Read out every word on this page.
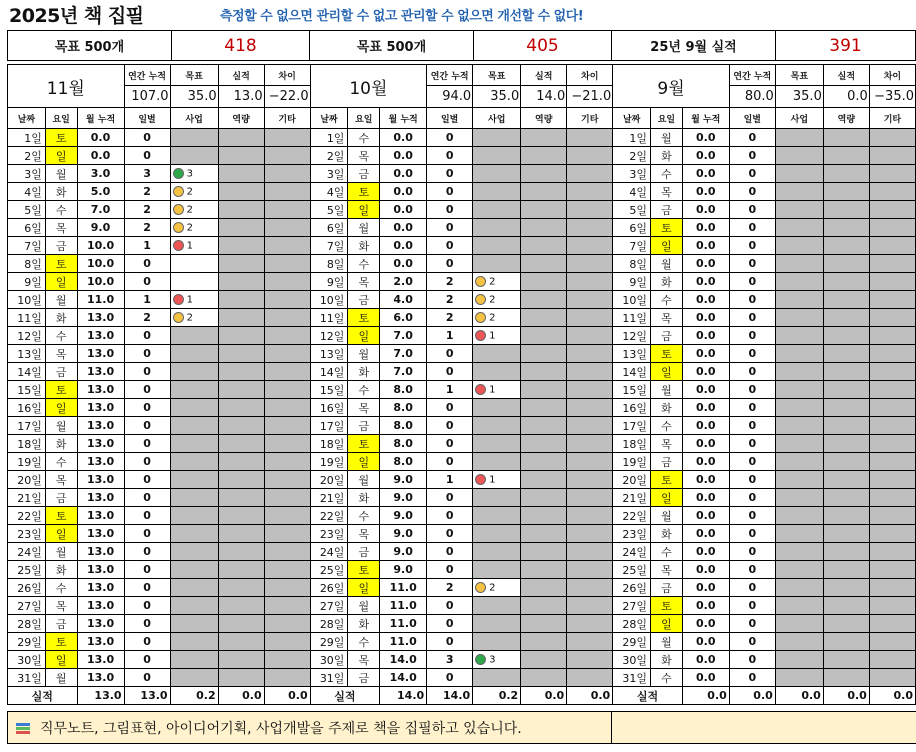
2025년 책 집필	측정할 수 없으면 관리할 수 없고 관리할 수 없으면 개선할 수 없다!
목표 500개	418	목표 500개	405	25년 9월 실적	391
11월			연간 누적	목표	실적	차이	10월			연간 누적	목표	실적	차이	9월			연간 누적	목표	실적	차이
			107.0	35.0	13.0	−22.0				94.0	35.0	14.0	−21.0				80.0	35.0	0.0	−35.0
날짜	요일	월 누적	일별	사업	역량	기타	날짜	요일	월 누적	일별	사업	역량	기타	날짜	요일	월 누적	일별	사업	역량	기타
1일	토	0.0	0				1일	수	0.0	0				1일	월	0.0	0			
2일	일	0.0	0				2일	목	0.0	0				2일	화	0.0	0			
3일	월	3.0	3	3			3일	금	0.0	0				3일	수	0.0	0			
4일	화	5.0	2	2			4일	토	0.0	0				4일	목	0.0	0			
5일	수	7.0	2	2			5일	일	0.0	0				5일	금	0.0	0			
6일	목	9.0	2	2			6일	월	0.0	0				6일	토	0.0	0			
7일	금	10.0	1	1			7일	화	0.0	0				7일	일	0.0	0			
8일	토	10.0	0				8일	수	0.0	0				8일	월	0.0	0			
9일	일	10.0	0				9일	목	2.0	2	2			9일	화	0.0	0			
10일	월	11.0	1	1			10일	금	4.0	2	2			10일	수	0.0	0			
11일	화	13.0	2	2			11일	토	6.0	2	2			11일	목	0.0	0			
12일	수	13.0	0				12일	일	7.0	1	1			12일	금	0.0	0			
13일	목	13.0	0				13일	월	7.0	0				13일	토	0.0	0			
14일	금	13.0	0				14일	화	7.0	0				14일	일	0.0	0			
15일	토	13.0	0				15일	수	8.0	1	1			15일	월	0.0	0			
16일	일	13.0	0				16일	목	8.0	0				16일	화	0.0	0			
17일	월	13.0	0				17일	금	8.0	0				17일	수	0.0	0			
18일	화	13.0	0				18일	토	8.0	0				18일	목	0.0	0			
19일	수	13.0	0				19일	일	8.0	0				19일	금	0.0	0			
20일	목	13.0	0				20일	월	9.0	1	1			20일	토	0.0	0			
21일	금	13.0	0				21일	화	9.0	0				21일	일	0.0	0			
22일	토	13.0	0				22일	수	9.0	0				22일	월	0.0	0			
23일	일	13.0	0				23일	목	9.0	0				23일	화	0.0	0			
24일	월	13.0	0				24일	금	9.0	0				24일	수	0.0	0			
25일	화	13.0	0				25일	토	9.0	0				25일	목	0.0	0			
26일	수	13.0	0				26일	일	11.0	2	2			26일	금	0.0	0			
27일	목	13.0	0				27일	월	11.0	0				27일	토	0.0	0			
28일	금	13.0	0				28일	화	11.0	0				28일	일	0.0	0			
29일	토	13.0	0				29일	수	11.0	0				29일	월	0.0	0			
30일	일	13.0	0				30일	목	14.0	3	3			30일	화	0.0	0			
31일	월	13.0	0				31일	금	14.0	0				31일	수	0.0	0			
실적		13.0	13.0	0.2	0.0	0.0	실적		14.0	14.0	0.2	0.0	0.0	실적		0.0	0.0	0.0	0.0	0.0
직무노트, 그림표현, 아이디어기획, 사업개발을 주제로 책을 집필하고 있습니다.	
